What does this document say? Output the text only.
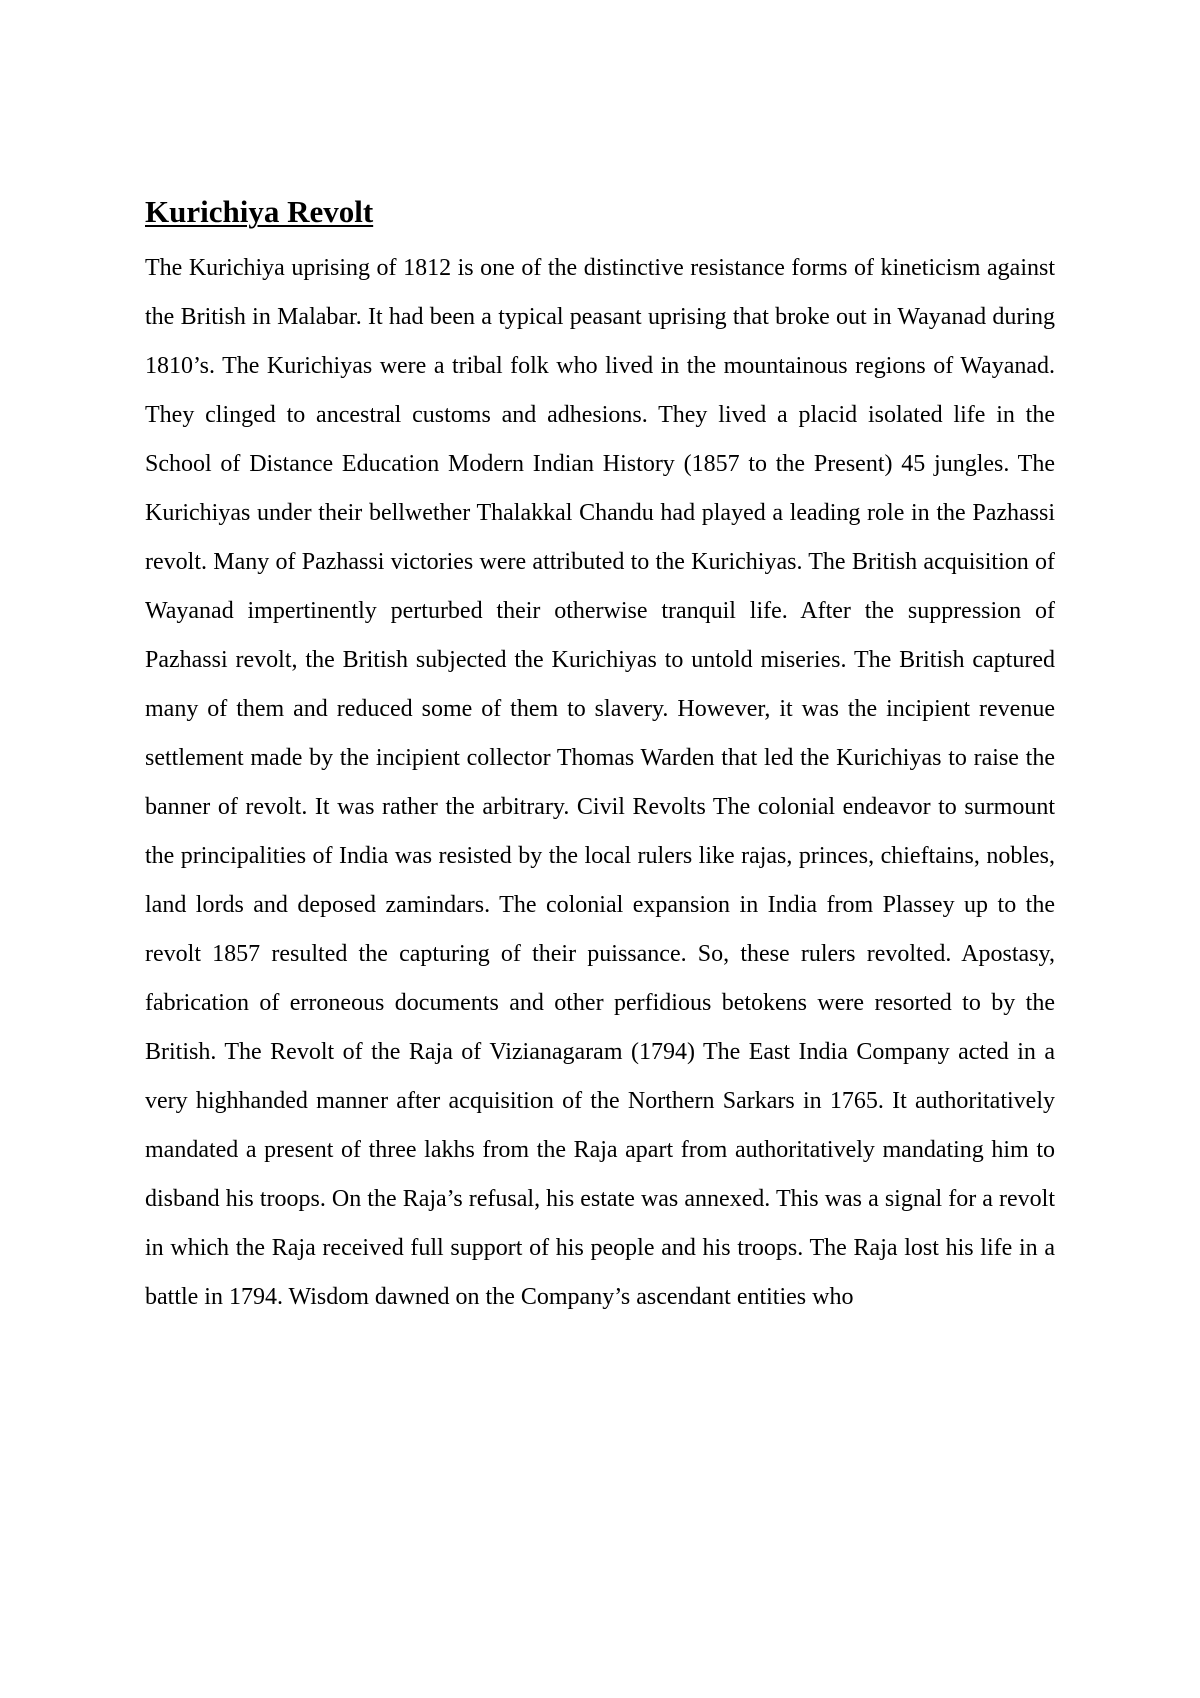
Kurichiya Revolt

The Kurichiya uprising of 1812 is one of the distinctive resistance forms of kineticism against the British in Malabar. It had been a typical peasant uprising that broke out in Wayanad during 1810’s. The Kurichiyas were a tribal folk who lived in the mountainous regions of Wayanad. They clinged to ancestral customs and adhesions. They lived a placid isolated life in the School of Distance Education Modern Indian History (1857 to the Present) 45 jungles. The Kurichiyas under their bellwether Thalakkal Chandu had played a leading role in the Pazhassi revolt. Many of Pazhassi victories were attributed to the Kurichiyas. The British acquisition of Wayanad impertinently perturbed their otherwise tranquil life. After the suppression of Pazhassi revolt, the British subjected the Kurichiyas to untold miseries. The British captured many of them and reduced some of them to slavery. However, it was the incipient revenue settlement made by the incipient collector Thomas Warden that led the Kurichiyas to raise the banner of revolt. It was rather the arbitrary. Civil Revolts The colonial endeavor to surmount the principalities of India was resisted by the local rulers like rajas, princes, chieftains, nobles, land lords and deposed zamindars. The colonial expansion in India from Plassey up to the revolt 1857 resulted the capturing of their puissance. So, these rulers revolted. Apostasy, fabrication of erroneous documents and other perfidious betokens were resorted to by the British. The Revolt of the Raja of Vizianagaram (1794) The East India Company acted in a very highhanded manner after acquisition of the Northern Sarkars in 1765. It authoritatively mandated a present of three lakhs from the Raja apart from authoritatively mandating him to disband his troops. On the Raja’s refusal, his estate was annexed. This was a signal for a revolt in which the Raja received full support of his people and his troops. The Raja lost his life in a battle in 1794. Wisdom dawned on the Company’s ascendant entities who
